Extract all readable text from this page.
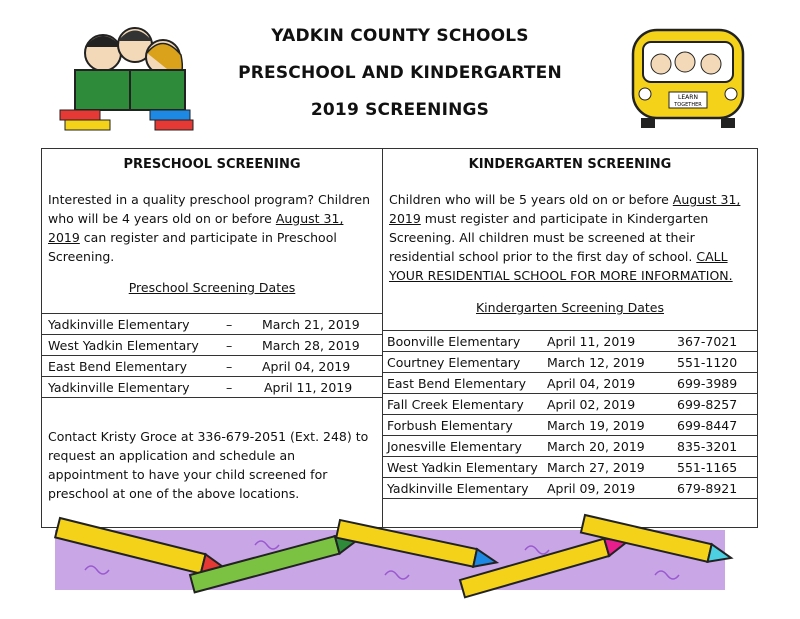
YADKIN COUNTY SCHOOLS
PRESCHOOL AND KINDERGARTEN
2019 SCREENINGS
LEARN
TOGETHER
PRESCHOOL SCREENING
Interested in a quality preschool program? Children who will be 4 years old on or before August 31, 2019 can register and participate in Preschool Screening.
Preschool Screening Dates
Yadkinville Elementary	– March 21, 2019
West Yadkin Elementary – March 28, 2019
East Bend Elementary	– April 04, 2019
Yadkinville Elementary	–	April 11, 2019
Contact Kristy Groce at 336-679-2051 (Ext. 248) to request an application and schedule an appointment to have your child screened for preschool at one of the above locations.
KINDERGARTEN SCREENING
Children who will be 5 years old on or before August 31, 2019 must register and participate in Kindergarten Screening. All children must be screened at their residential school prior to the first day of school. CALL YOUR RESIDENTIAL SCHOOL FOR MORE INFORMATION.
Kindergarten Screening Dates
Boonville Elementary April 11, 2019	367-7021
Courtney Elementary March 12, 2019	551-1120
East Bend Elementary April 04, 2019	699-3989
Fall Creek Elementary April 02, 2019	699-8257
Forbush Elementary	March 19, 2019	699-8447
Jonesville Elementary March 20, 2019	835-3201
West Yadkin Elementary March 27, 2019	551-1165
Yadkinville Elementary April 09, 2019	679-8921
